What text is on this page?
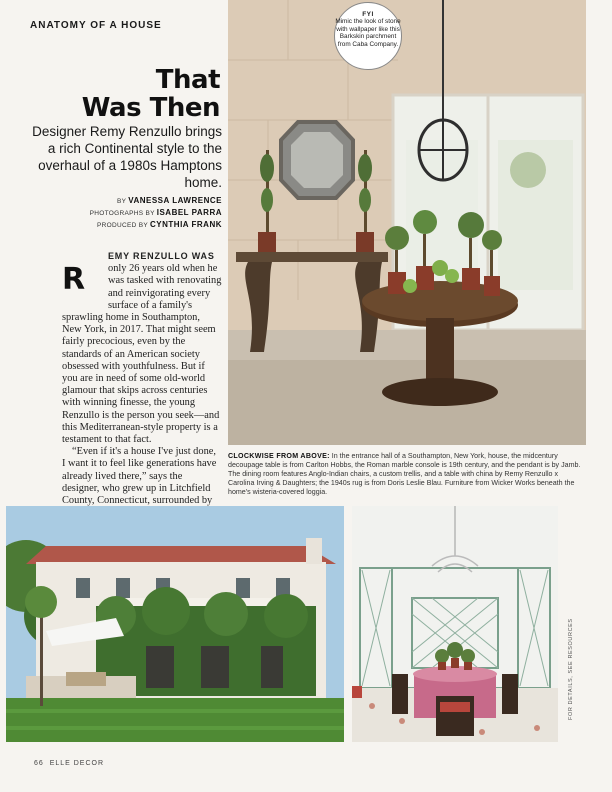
ANATOMY OF A HOUSE
That
Was Then
Designer Remy Renzullo brings a rich Continental style to the overhaul of a 1980s Hamptons home.
BY VANESSA LAWRENCE
PHOTOGRAPHS BY ISABEL PARRA
PRODUCED BY CYNTHIA FRANK
R

EMY RENZULLO WAS only 26 years old when he was tasked with renovating and reinvigorating every surface of a family's

sprawling home in Southampton, New York, in 2017. That might seem fairly precocious, even by the standards of an American society obsessed with youthfulness. But if you are in need of some old-world glamour that skips across centuries with winning finesse, the young Renzullo is the person you seek—and this Mediterranean-style property is a testament to that fact.

“Even if it's a house I've just done, I want it to feel like generations have already lived there,” says the designer, who grew up in Litchfield County, Connecticut, surrounded by

FYI
Mimic the look of stone with wallpaper like this Barkskin parchment from Caba Company.
CLOCKWISE FROM ABOVE: In the entrance hall of a Southampton, New York, house, the midcentury decoupage table is from Carlton Hobbs, the Roman marble console is 19th century, and the pendant is by Jamb. The dining room features Anglo-Indian chairs, a custom trellis, and a table with china by Remy Renzullo x Carolina Irving & Daughters; the 1940s rug is from Doris Leslie Blau. Furniture from Wicker Works beneath the home's wisteria-covered loggia.
66 ELLE DECOR
FOR DETAILS, SEE RESOURCES
